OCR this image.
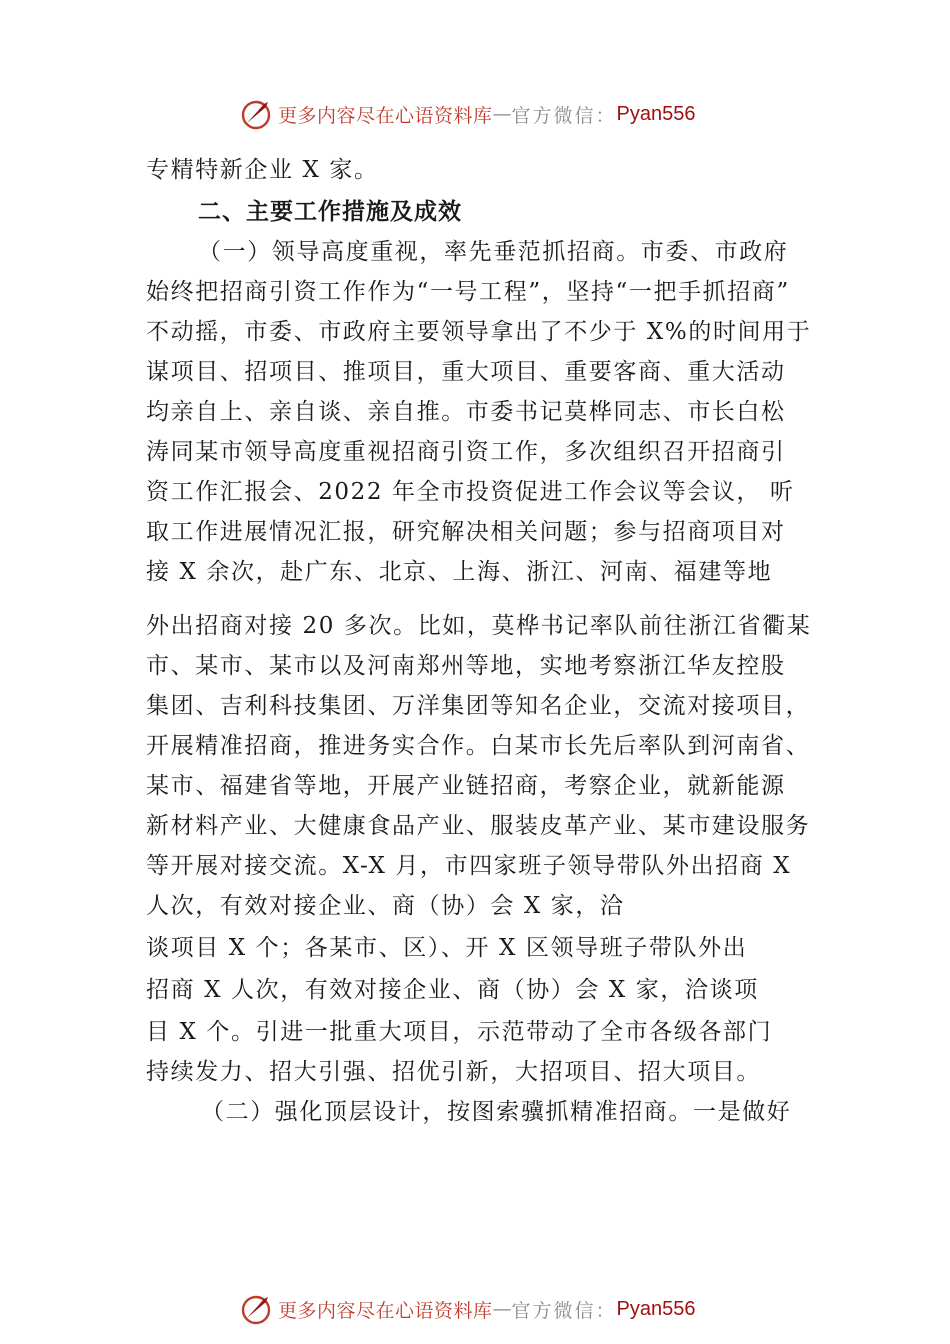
更多内容尽在心语资料库 — 官方微信 ： Pyan556
专精特新企业 X 家。
二、主要工作措施及成效
（一）领导高度重视，率先垂范抓招商。市委、市政府
始终把招商引资工作作为“一号工程”，坚持“一把手抓招商”
不动摇，市委、市政府主要领导拿出了不少于 X%的时间用于
谋项目、招项目、推项目，重大项目、重要客商、重大活动
均亲自上、亲自谈、亲自推。市委书记莫桦同志、市长白松
涛同某市领导高度重视招商引资工作，多次组织召开招商引
资工作汇报会、2022 年全市投资促进工作会议等会议， 听
取工作进展情况汇报，研究解决相关问题；参与招商项目对
接 X 余次，赴广东、北京、上海、浙江、河南、福建等地
外出招商对接 20 多次。比如，莫桦书记率队前往浙江省衢某
市、某市、某市以及河南郑州等地，实地考察浙江华友控股
集团、吉利科技集团、万洋集团等知名企业，交流对接项目，
开展精准招商，推进务实合作。白某市长先后率队到河南省、
某市、福建省等地，开展产业链招商，考察企业，就新能源
新材料产业、大健康食品产业、服装皮革产业、某市建设服务
等开展对接交流。X-X 月，市四家班子领导带队外出招商 X
人次，有效对接企业、商（协）会 X 家，洽
谈项目 X 个；各某市、区）、开 X 区领导班子带队外出
招商 X 人次，有效对接企业、商（协）会 X 家，洽谈项
目 X 个。引进一批重大项目，示范带动了全市各级各部门
持续发力、招大引强、招优引新，大招项目、招大项目。
（二）强化顶层设计，按图索骥抓精准招商。一是做好
更多内容尽在心语资料库 — 官方微信 ： Pyan556
